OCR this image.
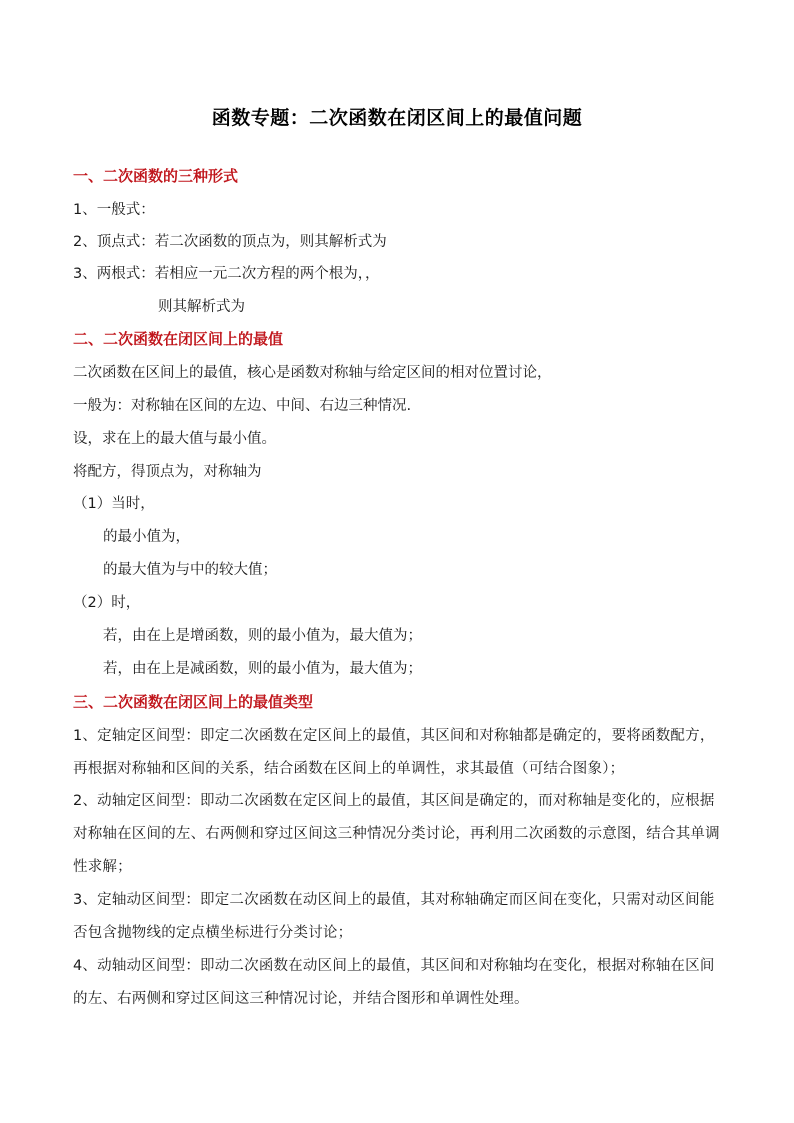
函数专题：二次函数在闭区间上的最值问题
一、二次函数的三种形式
1、一般式：
2、顶点式：若二次函数的顶点为，则其解析式为
3、两根式：若相应一元二次方程的两个根为，，
则其解析式为
二、二次函数在闭区间上的最值
二次函数在区间上的最值，核心是函数对称轴与给定区间的相对位置讨论，
一般为：对称轴在区间的左边、中间、右边三种情况.
设，求在上的最大值与最小值。
将配方，得顶点为，对称轴为
（1）当时，
的最小值为，
的最大值为与中的较大值；
（2）时，
若，由在上是增函数，则的最小值为，最大值为；
若，由在上是减函数，则的最小值为，最大值为；
三、二次函数在闭区间上的最值类型
1、定轴定区间型：即定二次函数在定区间上的最值，其区间和对称轴都是确定的，要将函数配方，再根据对称轴和区间的关系，结合函数在区间上的单调性，求其最值（可结合图象）；
2、动轴定区间型：即动二次函数在定区间上的最值，其区间是确定的，而对称轴是变化的，应根据对称轴在区间的左、右两侧和穿过区间这三种情况分类讨论，再利用二次函数的示意图，结合其单调性求解；
3、定轴动区间型：即定二次函数在动区间上的最值，其对称轴确定而区间在变化，只需对动区间能否包含抛物线的定点横坐标进行分类讨论；
4、动轴动区间型：即动二次函数在动区间上的最值，其区间和对称轴均在变化，根据对称轴在区间的左、右两侧和穿过区间这三种情况讨论，并结合图形和单调性处理。
